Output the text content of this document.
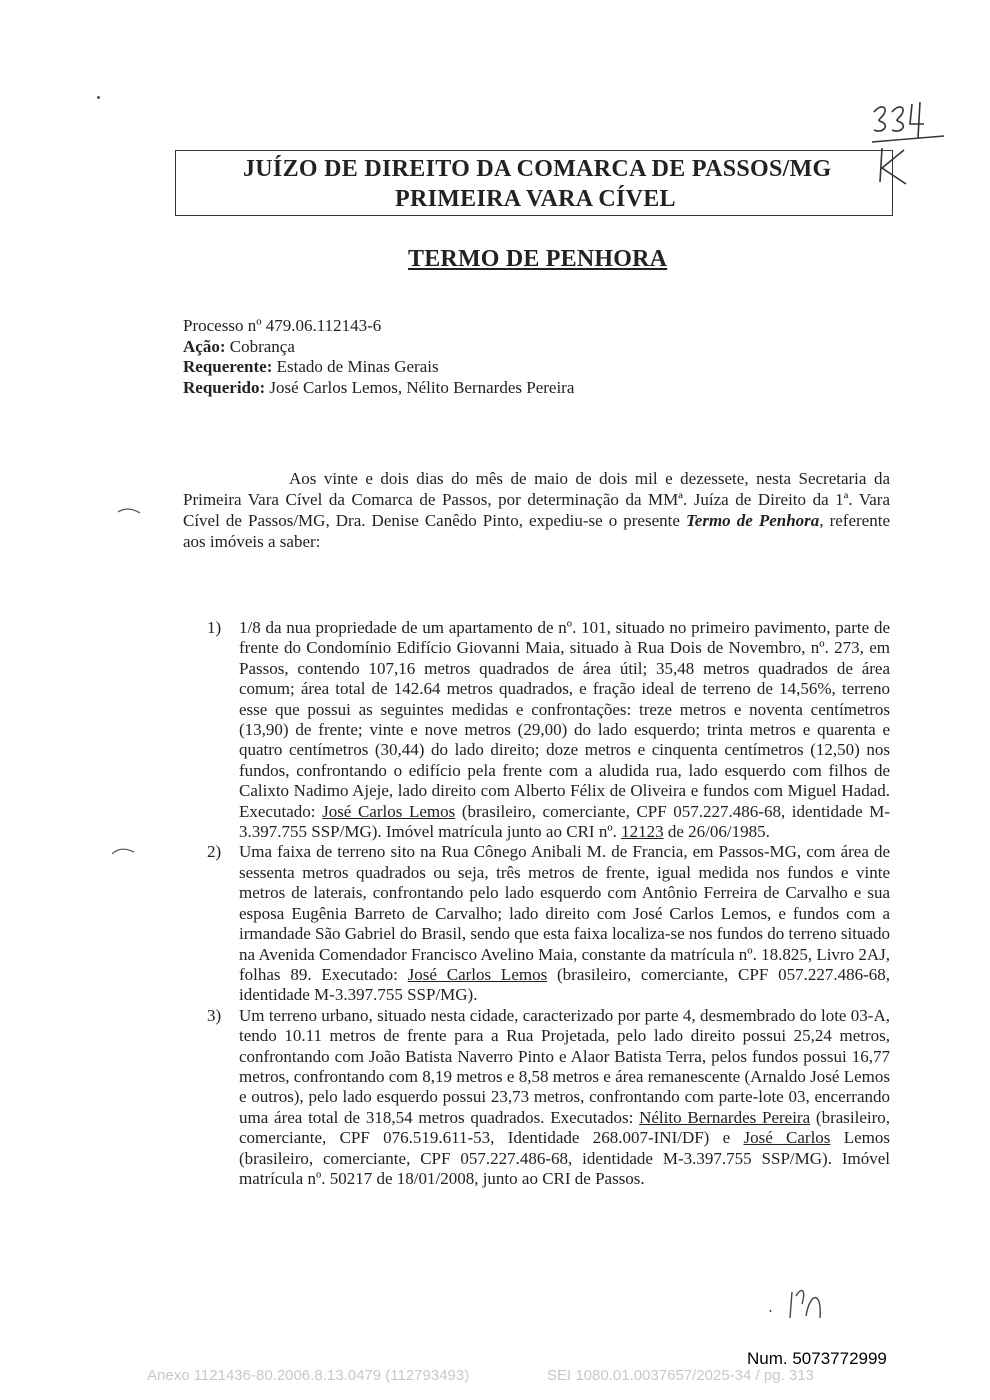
JUÍZO DE DIREITO DA COMARCA DE PASSOS/MG
PRIMEIRA VARA CÍVEL
TERMO DE PENHORA
Processo nº 479.06.112143-6
Ação: Cobrança
Requerente: Estado de Minas Gerais
Requerido: José Carlos Lemos, Nélito Bernardes Pereira
Aos vinte e dois dias do mês de maio de dois mil e dezessete, nesta Secretaria da Primeira Vara Cível da Comarca de Passos, por determinação da MMª. Juíza de Direito da 1ª. Vara Cível de Passos/MG, Dra. Denise Canêdo Pinto, expediu-se o presente Termo de Penhora, referente aos imóveis a saber:
1)	1/8 da nua propriedade de um apartamento de nº. 101, situado no primeiro pavimento, parte de frente do Condomínio Edifício Giovanni Maia, situado à Rua Dois de Novembro, nº. 273, em Passos, contendo 107,16 metros quadrados de área útil; 35,48 metros quadrados de área comum; área total de 142.64 metros quadrados, e fração ideal de terreno de 14,56%, terreno esse que possui as seguintes medidas e confrontações: treze metros e noventa centímetros (13,90) de frente; vinte e nove metros (29,00) do lado esquerdo; trinta metros e quarenta e quatro centímetros (30,44) do lado direito; doze metros e cinquenta centímetros (12,50) nos fundos, confrontando o edifício pela frente com a aludida rua, lado esquerdo com filhos de Calixto Nadimo Ajeje, lado direito com Alberto Félix de Oliveira e fundos com Miguel Hadad. Executado: José Carlos Lemos (brasileiro, comerciante, CPF 057.227.486-68, identidade M-3.397.755 SSP/MG). Imóvel matrícula junto ao CRI nº. 12123 de 26/06/1985.
2)	Uma faixa de terreno sito na Rua Cônego Anibali M. de Francia, em Passos-MG, com área de sessenta metros quadrados ou seja, três metros de frente, igual medida nos fundos e vinte metros de laterais, confrontando pelo lado esquerdo com Antônio Ferreira de Carvalho e sua esposa Eugênia Barreto de Carvalho; lado direito com José Carlos Lemos, e fundos com a irmandade São Gabriel do Brasil, sendo que esta faixa localiza-se nos fundos do terreno situado na Avenida Comendador Francisco Avelino Maia, constante da matrícula nº. 18.825, Livro 2AJ, folhas 89. Executado: José Carlos Lemos (brasileiro, comerciante, CPF 057.227.486-68, identidade M-3.397.755 SSP/MG).
3)	Um terreno urbano, situado nesta cidade, caracterizado por parte 4, desmembrado do lote 03-A, tendo 10.11 metros de frente para a Rua Projetada, pelo lado direito possui 25,24 metros, confrontando com João Batista Naverro Pinto e Alaor Batista Terra, pelos fundos possui 16,77 metros, confrontando com 8,19 metros e 8,58 metros e área remanescente (Arnaldo José Lemos e outros), pelo lado esquerdo possui 23,73 metros, confrontando com parte-lote 03, encerrando uma área total de 318,54 metros quadrados. Executados: Nélito Bernardes Pereira (brasileiro, comerciante, CPF 076.519.611-53, Identidade 268.007-INI/DF) e José Carlos Lemos (brasileiro, comerciante, CPF 057.227.486-68, identidade M-3.397.755 SSP/MG). Imóvel matrícula nº. 50217 de 18/01/2008, junto ao CRI de Passos.
Num. 5073772999
Anexo 1121436-80.2006.8.13.0479 (112793493)	SEI 1080.01.0037657/2025-34 / pg. 313
